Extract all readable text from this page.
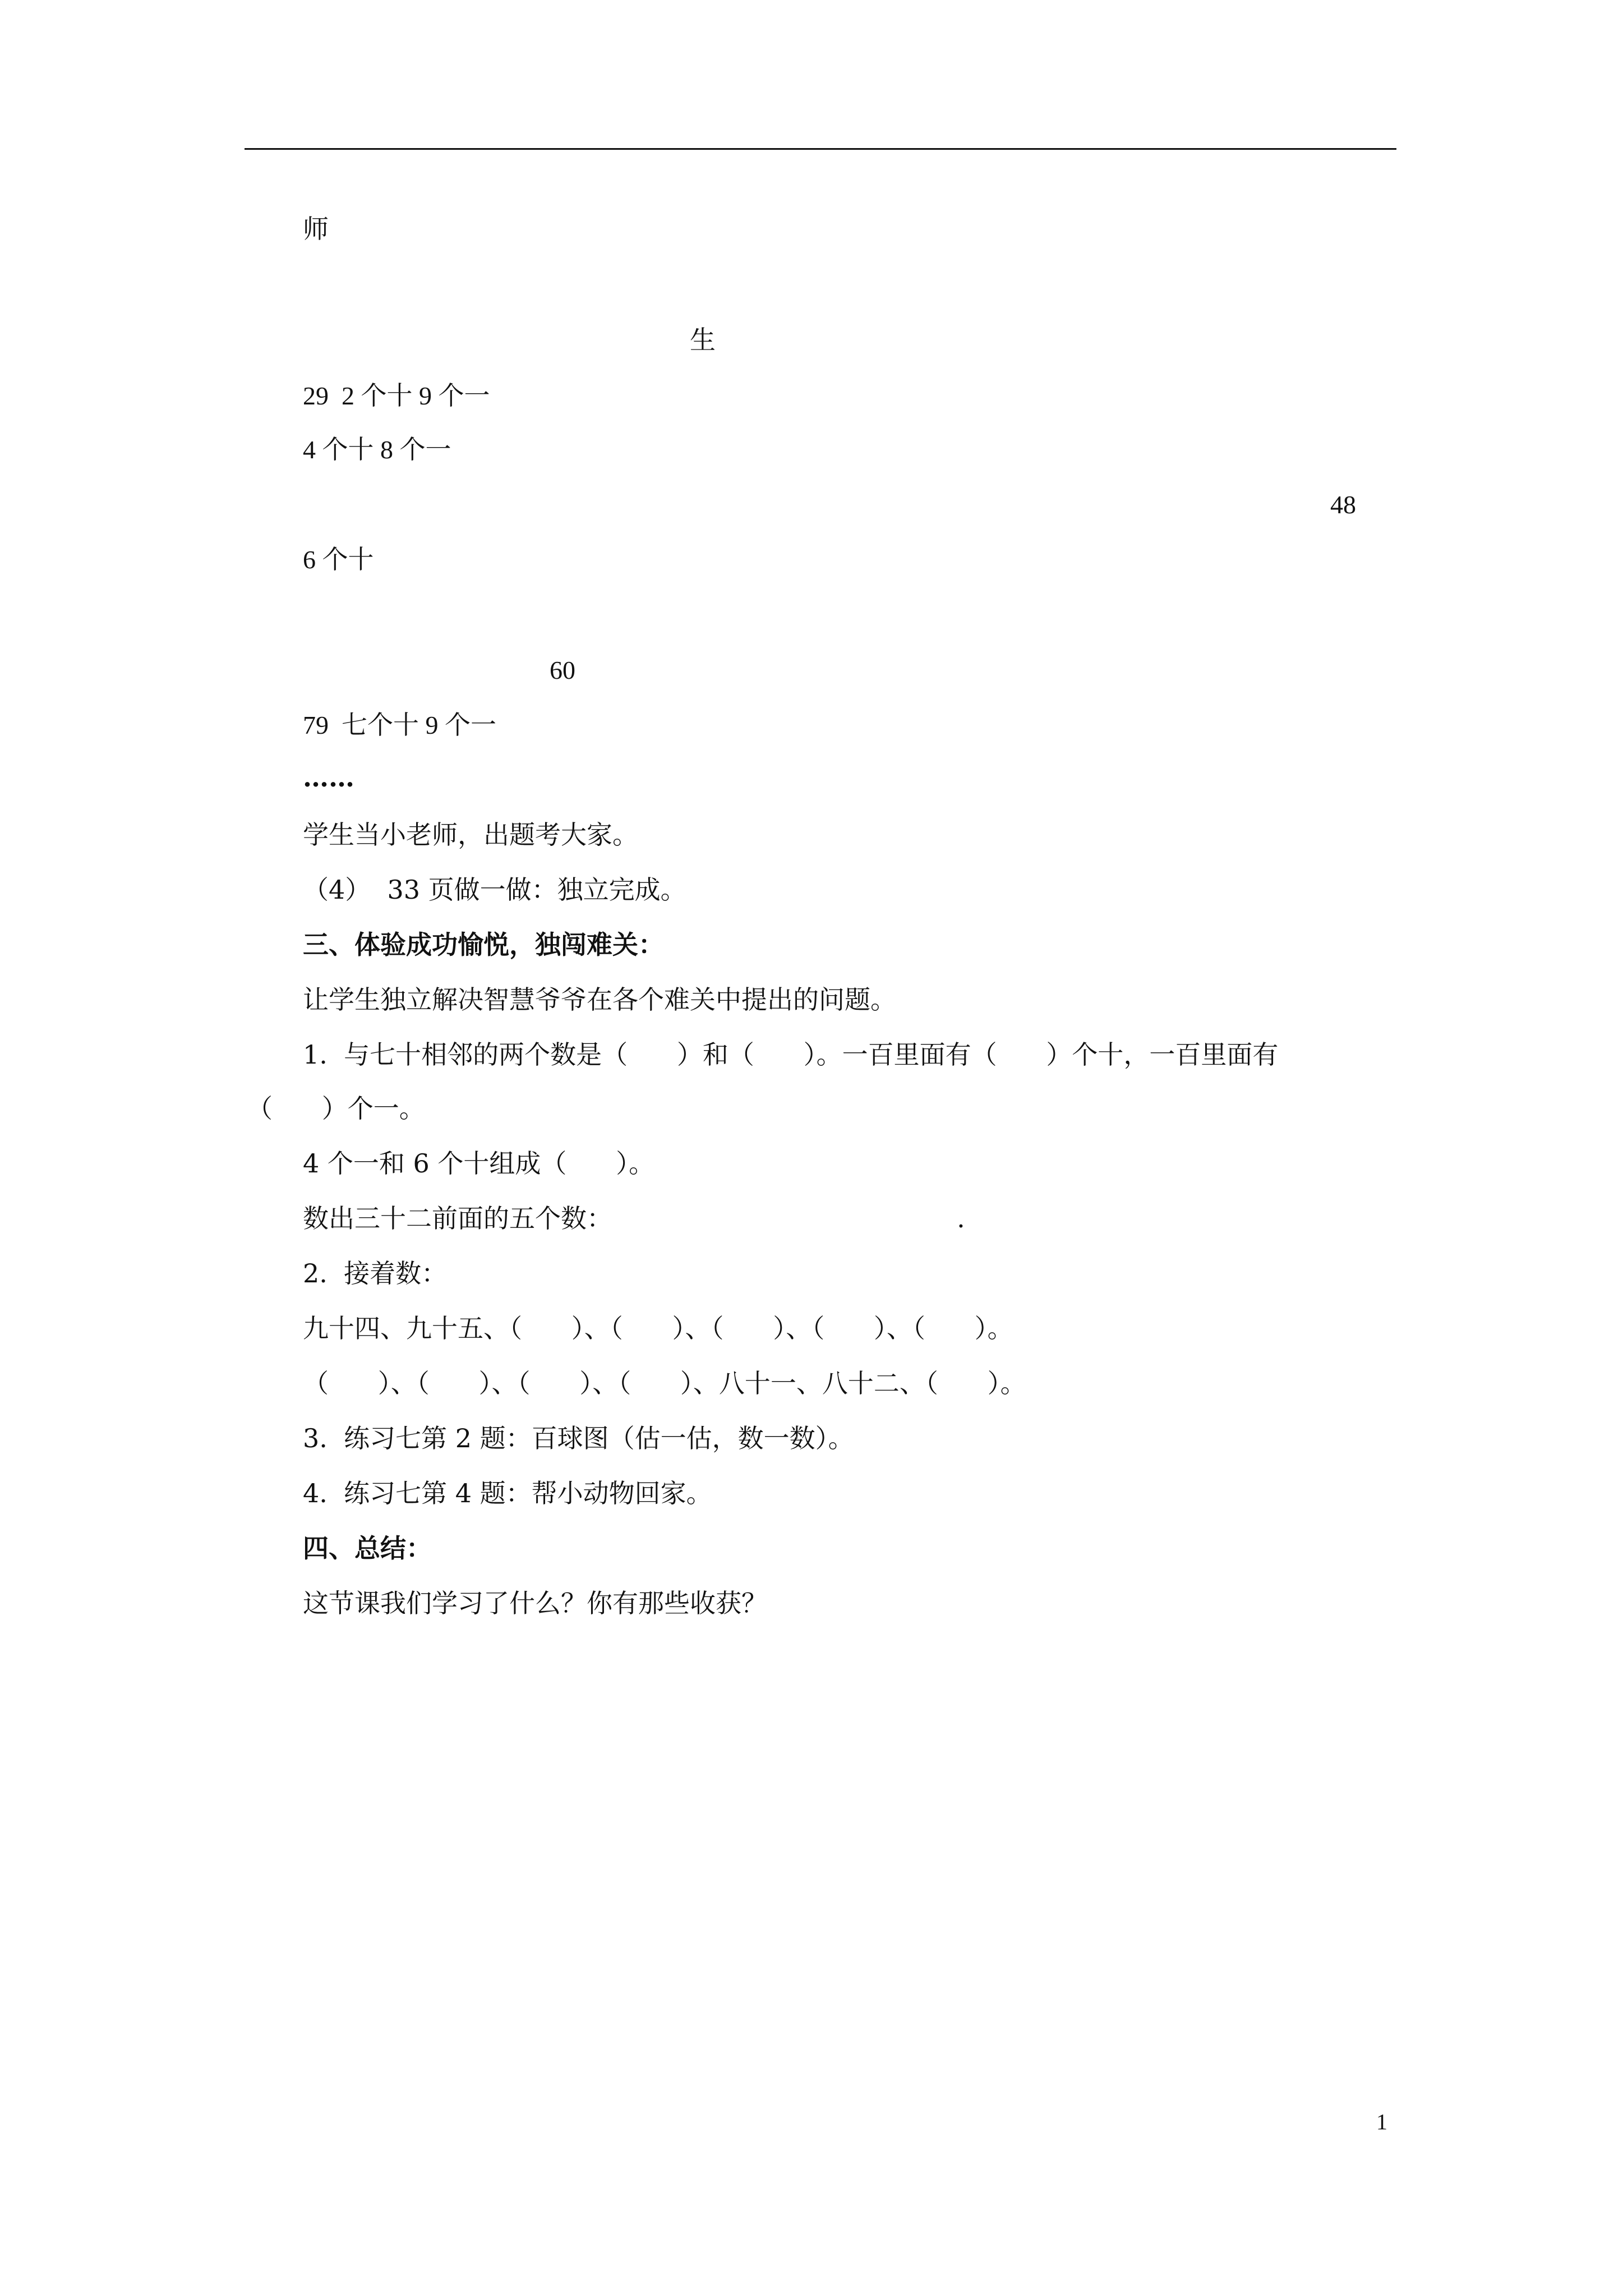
师
生
29  2 个十 9 个一
4 个十 8 个一
48
6 个十
60
79  七个十 9 个一
……
学生当小老师，出题考大家。
（4）  33 页做一做：独立完成。
三、体验成功愉悦，独闯难关：
让学生独立解决智慧爷爷在各个难关中提出的问题。
1.  与七十相邻的两个数是（      ）和（      ）。一百里面有（      ）个十，一百里面有
（      ）个一。
4 个一和 6 个十组成（      ）。
数出三十二前面的五个数：                                          .
2.  接着数：
九十四、九十五、（      ）、（      ）、（      ）、（      ）、（      ）。
（      ）、（      ）、（      ）、（      ）、八十一、八十二、（      ）。
3.  练习七第 2 题：百球图（估一估，数一数）。
4.  练习七第 4 题：帮小动物回家。
四、总结：
这节课我们学习了什么？你有那些收获？
1
